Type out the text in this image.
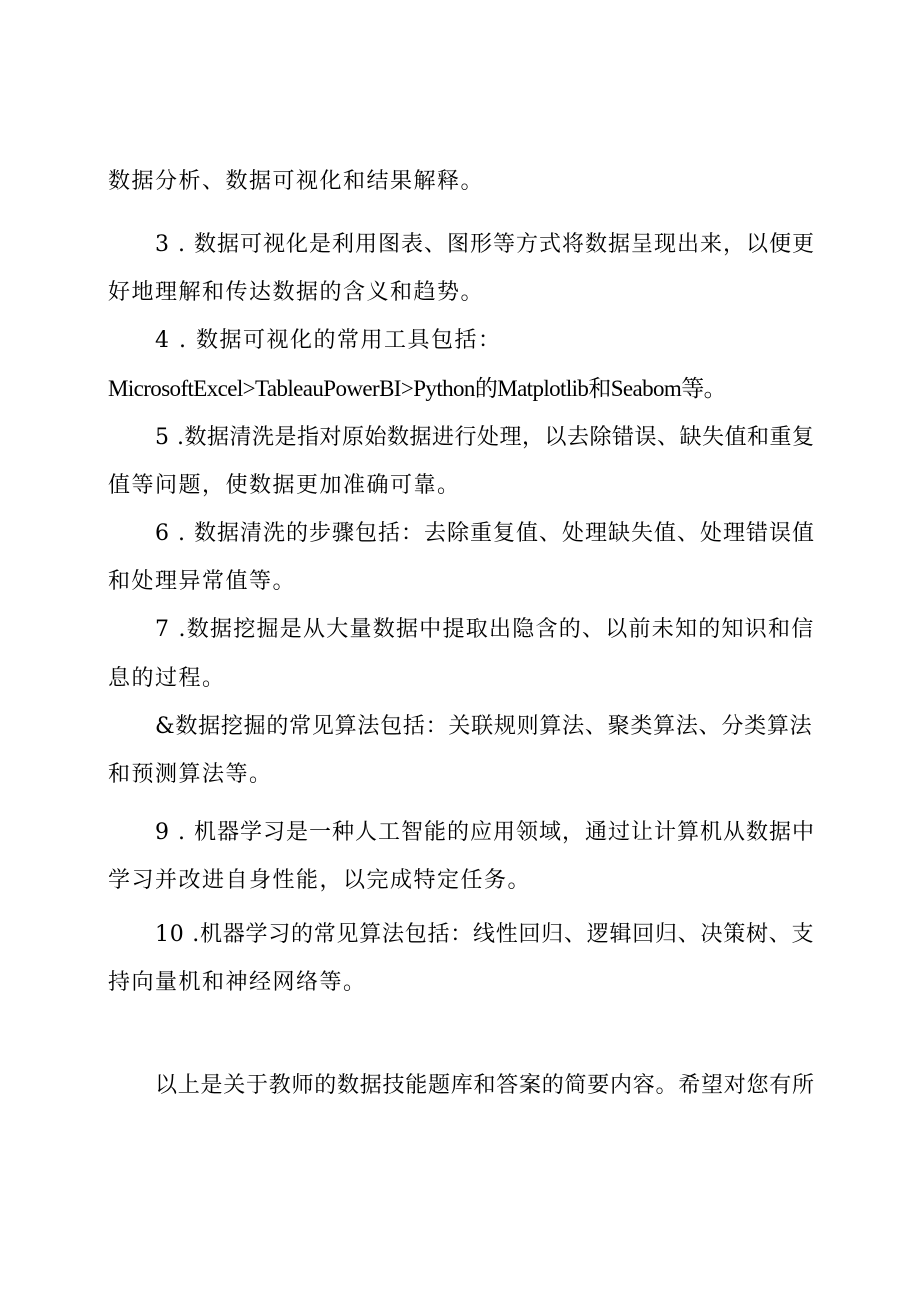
数据分析、数据可视化和结果解释。
3 . 数据可视化是利用图表、图形等方式将数据呈现出来，以便更
好地理解和传达数据的含义和趋势。
4 . 数据可视化的常用工具包括：
MicrosoftExcel>TableauPowerBI>Python的Matplotlib和Seabom等。
5 .数据清洗是指对原始数据进行处理，以去除错误、缺失值和重复
值等问题，使数据更加准确可靠。
6 . 数据清洗的步骤包括：去除重复值、处理缺失值、处理错误值
和处理异常值等。
7 .数据挖掘是从大量数据中提取出隐含的、以前未知的知识和信
息的过程。
&数据挖掘的常见算法包括：关联规则算法、聚类算法、分类算法
和预测算法等。
9 . 机器学习是一种人工智能的应用领域，通过让计算机从数据中
学习并改进自身性能，以完成特定任务。
10 .机器学习的常见算法包括：线性回归、逻辑回归、决策树、支
持向量机和神经网络等。
以上是关于教师的数据技能题库和答案的简要内容。希望对您有所
